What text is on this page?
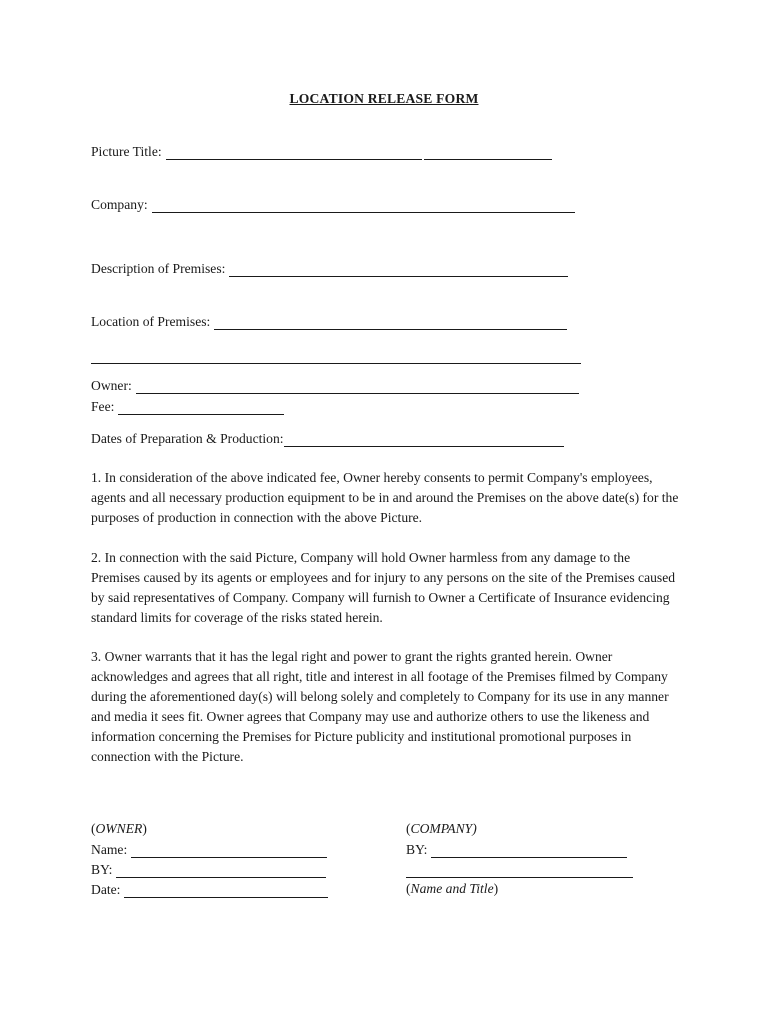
LOCATION RELEASE FORM
Picture Title:
Company:
Description of Premises:
Location of Premises:
Owner:
Fee:
Dates of Preparation & Production:
1. In consideration of the above indicated fee, Owner hereby consents to permit Company's employees, agents and all necessary production equipment to be in and around the Premises on the above date(s) for the purposes of production in connection with the above Picture.
2. In connection with the said Picture, Company will hold Owner harmless from any damage to the Premises caused by its agents or employees and for injury to any persons on the site of the Premises caused by said representatives of Company. Company will furnish to Owner a Certificate of Insurance evidencing standard limits for coverage of the risks stated herein.
3. Owner warrants that it has the legal right and power to grant the rights granted herein. Owner acknowledges and agrees that all right, title and interest in all footage of the Premises filmed by Company during the aforementioned day(s) will belong solely and completely to Company for its use in any manner and media it sees fit. Owner agrees that Company may use and authorize others to use the likeness and information concerning the Premises for Picture publicity and institutional promotional purposes in connection with the Picture.
(OWNER)
Name:
BY:
Date:
(COMPANY)
BY:
(Name and Title)
